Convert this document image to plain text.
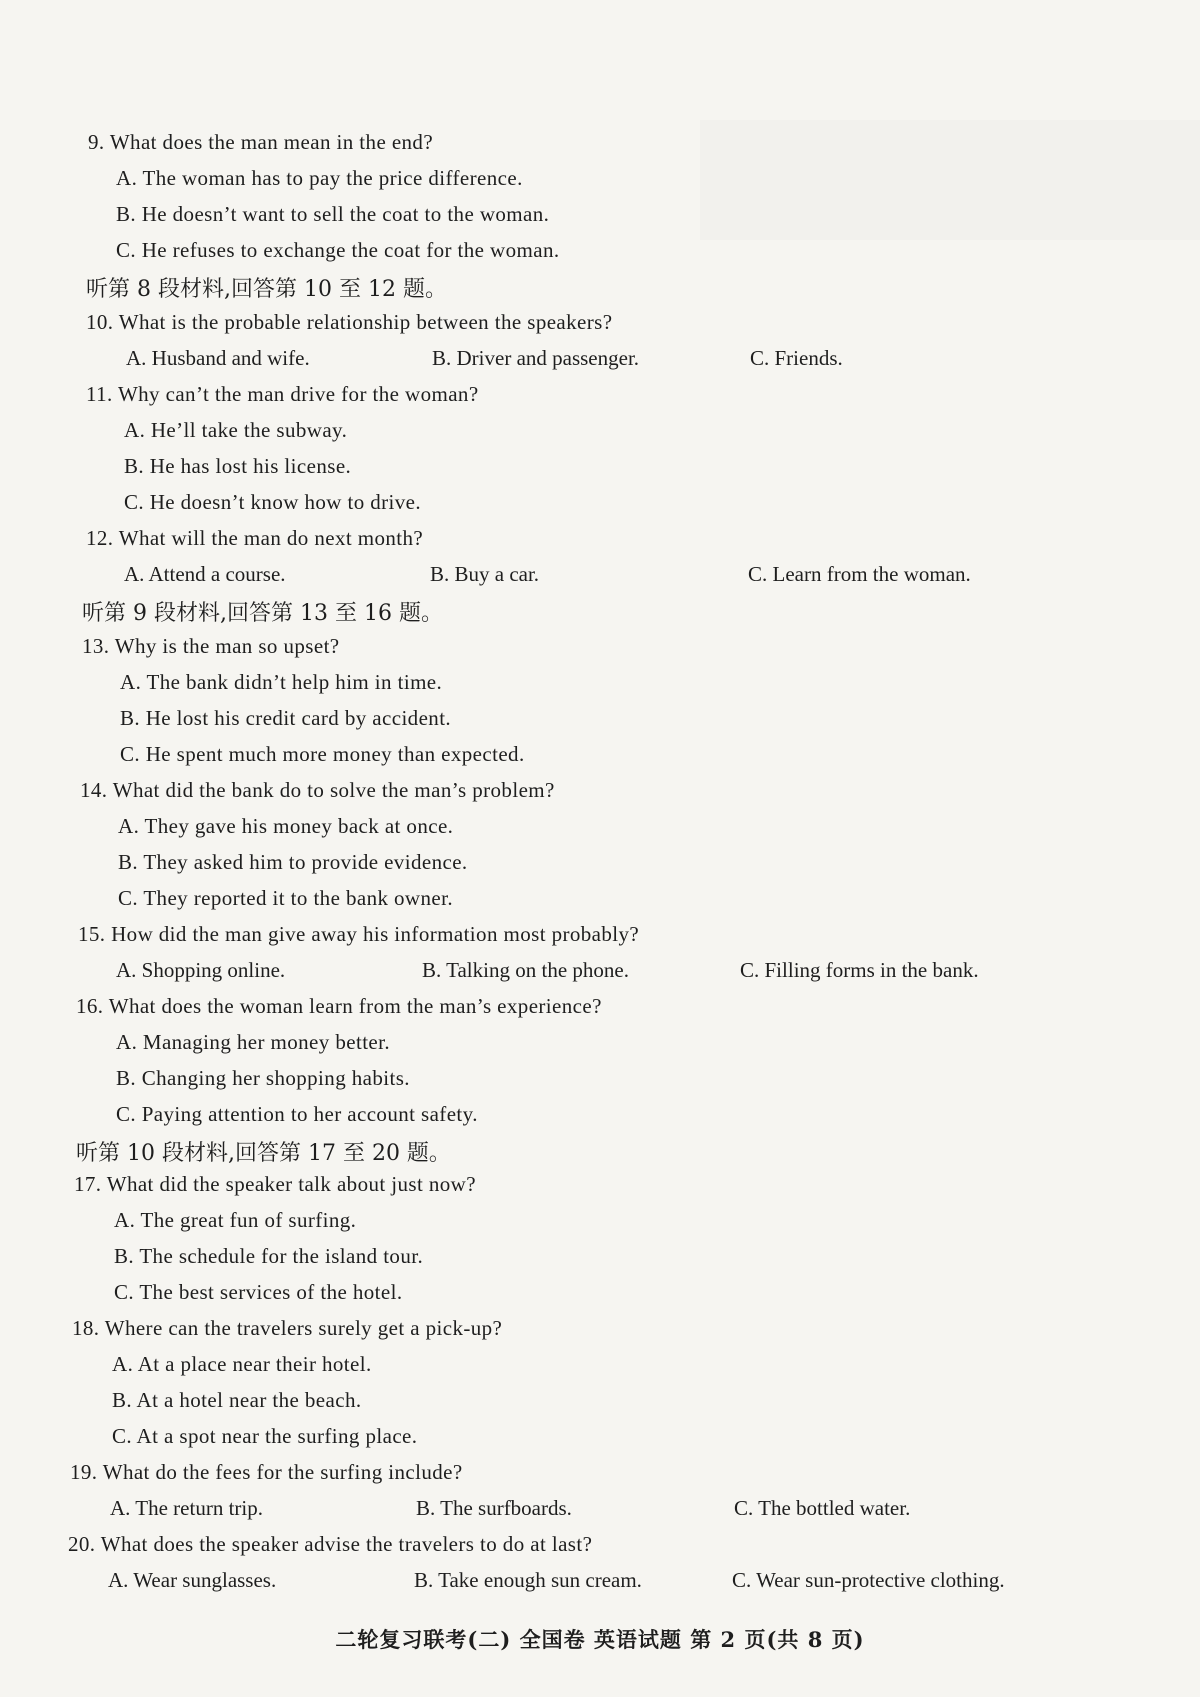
9. What does the man mean in the end?
A. The woman has to pay the price difference.
B. He doesn’t want to sell the coat to the woman.
C. He refuses to exchange the coat for the woman.
听第 8 段材料,回答第 10 至 12 题。
10. What is the probable relationship between the speakers?
A. Husband and wife.	B. Driver and passenger.	C. Friends.
11. Why can’t the man drive for the woman?
A. He’ll take the subway.
B. He has lost his license.
C. He doesn’t know how to drive.
12. What will the man do next month?
A. Attend a course.	B. Buy a car.	C. Learn from the woman.
听第 9 段材料,回答第 13 至 16 题。
13. Why is the man so upset?
A. The bank didn’t help him in time.
B. He lost his credit card by accident.
C. He spent much more money than expected.
14. What did the bank do to solve the man’s problem?
A. They gave his money back at once.
B. They asked him to provide evidence.
C. They reported it to the bank owner.
15. How did the man give away his information most probably?
A. Shopping online.	B. Talking on the phone.	C. Filling forms in the bank.
16. What does the woman learn from the man’s experience?
A. Managing her money better.
B. Changing her shopping habits.
C. Paying attention to her account safety.
听第 10 段材料,回答第 17 至 20 题。
17. What did the speaker talk about just now?
A. The great fun of surfing.
B. The schedule for the island tour.
C. The best services of the hotel.
18. Where can the travelers surely get a pick-up?
A. At a place near their hotel.
B. At a hotel near the beach.
C. At a spot near the surfing place.
19. What do the fees for the surfing include?
A. The return trip.	B. The surfboards.	C. The bottled water.
20. What does the speaker advise the travelers to do at last?
A. Wear sunglasses.	B. Take enough sun cream.	C. Wear sun-protective clothing.
二轮复习联考(二) 全国卷 英语试题 第 2 页(共 8 页)
